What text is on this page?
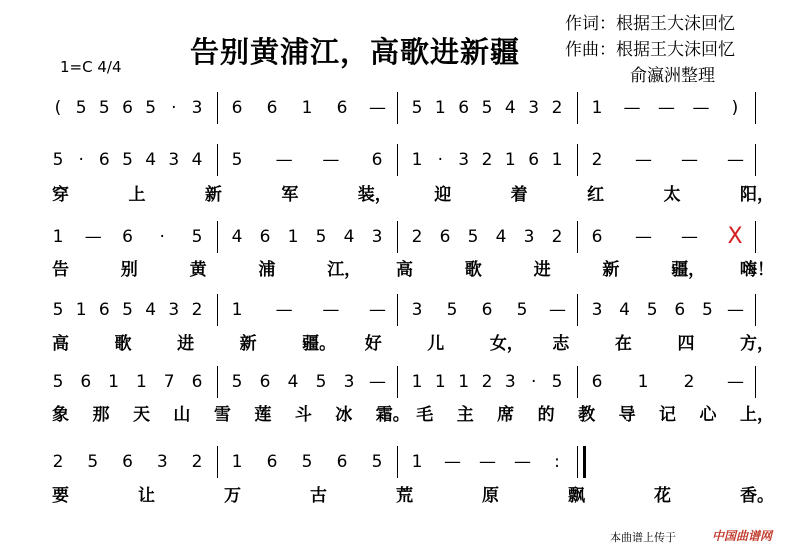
告别黄浦江，高歌进新疆
作词：根据王大沫回忆
作曲：根据王大沫回忆
俞瀛洲整理
1=C 4/4
( 5 5 6 5 · 3 6 6 1 6 — 5 1 6 5 4 3 2 1 — — — )
5 · 6 5 4 3 4 5 — — 6 1 · 3 2 1 6 1 2 — — —
穿	上	新	军	装， 迎	着	红	太	阳，
1 — 6	·	5 4 6 1 5 4 3 2 6 5 4 3 2 6 — — X
告	别	黄	浦	江， 高	歌	进	新	疆， 嗨！
5 1 6 5 4 3 2 1 — — — 3 5 6 5 — 3 4 5 6 5 —
高	歌	进	新	疆。 好	儿	女， 志	在	四	方，
5 6 1 1 7 6 5 6 4 5 3 — 1 1 1 2 3 · 5 6 1 2 —
象 那 天 山 雪 莲 斗 冰 霜。 毛 主 席 的 教 导 记 心 上，
2 5 6 3 2 1 6 5 6 5 1 — — —	:
要	让	万	古	荒	原	飘	花	香。
本曲谱上传于	中国曲谱网
